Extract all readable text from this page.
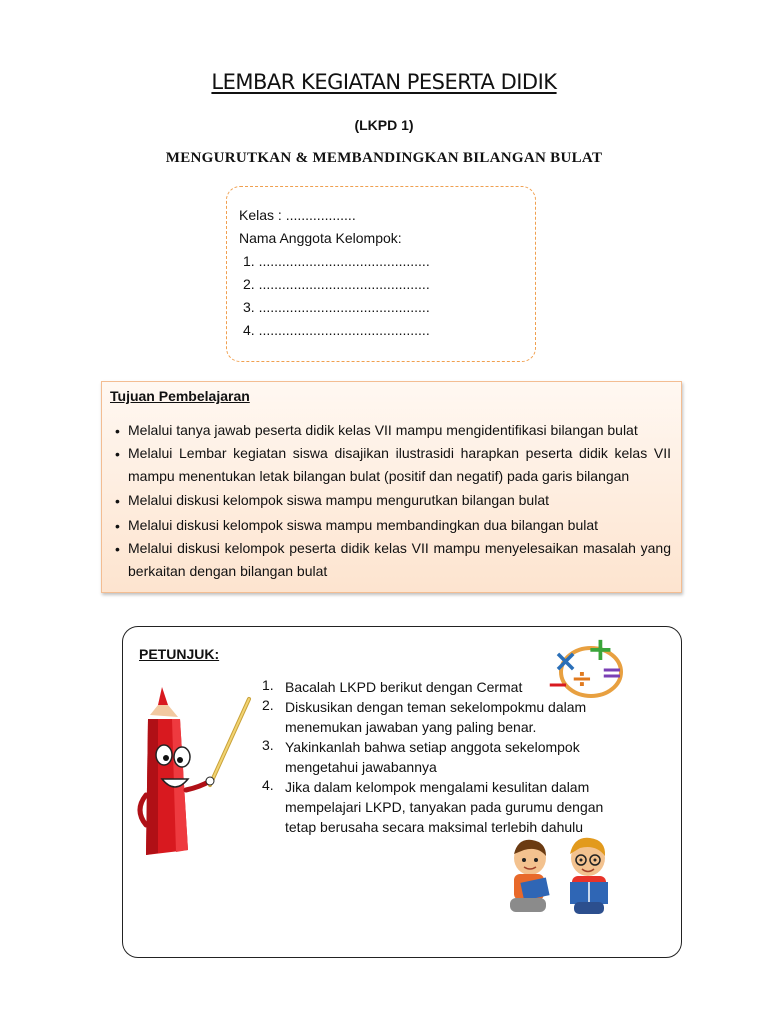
LEMBAR KEGIATAN PESERTA DIDIK
(LKPD 1)
MENGURUTKAN & MEMBANDINGKAN BILANGAN BULAT
Kelas : ..................
Nama Anggota Kelompok:
1. ............................................
2. ............................................
3. ............................................
4. ............................................
Tujuan Pembelajaran
• Melalui tanya jawab peserta didik kelas VII mampu mengidentifikasi bilangan bulat
• Melalui Lembar kegiatan siswa disajikan ilustrasidi harapkan peserta didik kelas VII mampu menentukan letak bilangan bulat (positif dan negatif) pada garis bilangan
• Melalui diskusi kelompok siswa mampu mengurutkan bilangan bulat
• Melalui diskusi kelompok siswa mampu membandingkan dua bilangan bulat
• Melalui diskusi kelompok peserta didik kelas VII mampu menyelesaikan masalah yang berkaitan dengan bilangan bulat
PETUNJUK:
1. Bacalah LKPD berikut dengan Cermat
2. Diskusikan dengan teman sekelompokmu dalam menemukan jawaban yang paling benar.
3. Yakinkanlah bahwa setiap anggota sekelompok mengetahui jawabannya
4. Jika dalam kelompok mengalami kesulitan dalam mempelajari LKPD, tanyakan pada gurumu dengan tetap berusaha secara maksimal terlebih dahulu
× +
÷ =
−
